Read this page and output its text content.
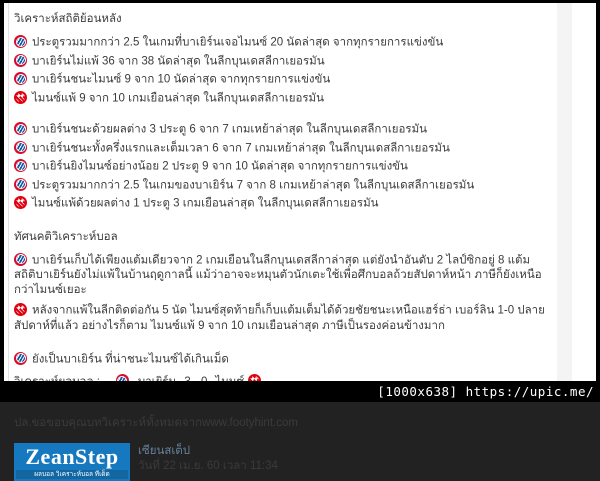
วิเคราะห์สถิติย้อนหลัง
ประตูรวมมากกว่า 2.5 ในเกมที่บาเยิร์นเจอไมนซ์ 20 นัดล่าสุด จากทุกรายการแข่งขัน
บาเยิร์นไม่แพ้ 36 จาก 38 นัดล่าสุด ในลีกบุนเดสลีกาเยอรมัน
บาเยิร์นชนะไมนซ์ 9 จาก 10 นัดล่าสุด จากทุกรายการแข่งขัน
ไมนซ์แพ้ 9 จาก 10 เกมเยือนล่าสุด ในลีกบุนเดสลีกาเยอรมัน
บาเยิร์นชนะด้วยผลต่าง 3 ประตู 6 จาก 7 เกมเหย้าล่าสุด ในลีกบุนเดสลีกาเยอรมัน
บาเยิร์นชนะทั้งครึ่งแรกและเต็มเวลา 6 จาก 7 เกมเหย้าล่าสุด ในลีกบุนเดสลีกาเยอรมัน
บาเยิร์นยิงไมนซ์อย่างน้อย 2 ประตู 9 จาก 10 นัดล่าสุด จากทุกรายการแข่งขัน
ประตูรวมมากกว่า 2.5 ในเกมของบาเยิร์น 7 จาก 8 เกมเหย้าล่าสุด ในลีกบุนเดสลีกาเยอรมัน
ไมนซ์แพ้ด้วยผลต่าง 1 ประตู 3 เกมเยือนล่าสุด ในลีกบุนเดสลีกาเยอรมัน
ทัศนคติวิเคราะห์บอล
บาเยิร์นเก็บได้เพียงแต้มเดียวจาก 2 เกมเยือนในลีกบุนเดสลีกาล่าสุด แต่ยังนำอันดับ 2 ไลป์ซิกอยู่ 8 แต้ม สถิติบาเยิร์นยังไม่แพ้ในบ้านฤดูกาลนี้ แม้ว่าอาจจะหมุนตัวนักเตะใช้เพื่อศึกบอลถ้วยสัปดาห์หน้า ภาษีก็ยังเหนือกว่าไมนซ์เยอะ
หลังจากแพ้ในลีกติดต่อกัน 5 นัด ไมนซ์สุดท้ายก็เก็บแต้มเต็มได้ด้วยชัยชนะเหนือแฮร์ธ่า เบอร์ลิน 1-0 ปลายสัปดาห์ที่แล้ว อย่างไรก็ตาม ไมนซ์แพ้ 9 จาก 10 เกมเยือนล่าสุด ภาษีเป็นรองค่อนข้างมาก
ยังเป็นบาเยิร์น ที่น่าชนะไมนซ์ได้เกินเม็ด
ปล.ขอขอบคุณบทวิเคราะห์ทั้งหมดจากwww.footyhint.com
ZeanStep
ผลบอล วิเคราะห์บอล ทีเด็ด
เซียนสเต็ป
วันที่ 22 เม.ย. 60 เวลา 11:34
[1000x638] https://upic.me/
